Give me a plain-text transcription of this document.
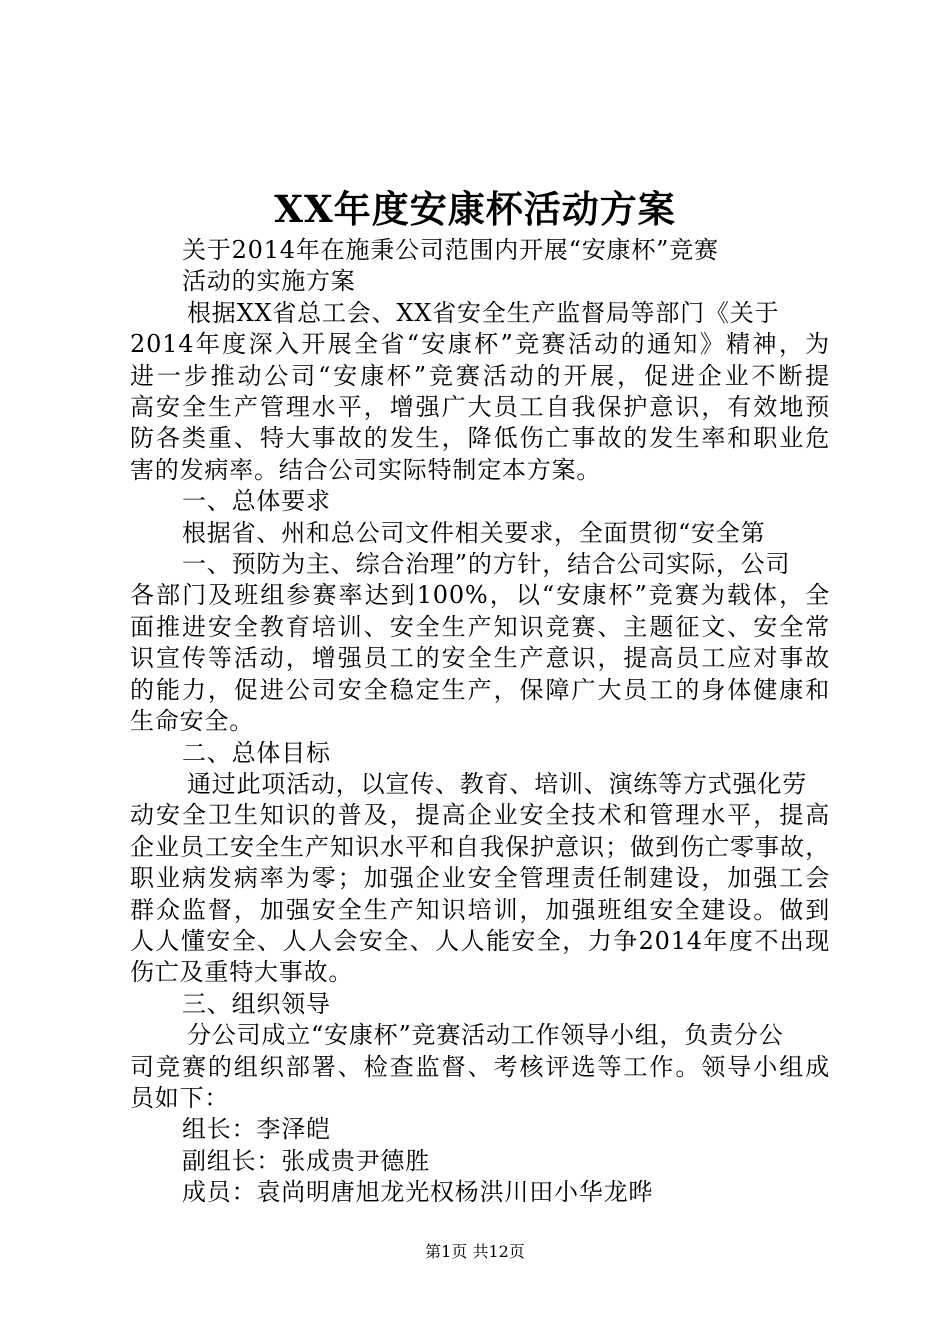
XX年度安康杯活动方案
关于2014年在施秉公司范围内开展“安康杯”竞赛
活动的实施方案
根据XX省总工会、XX省安全生产监督局等部门《关于
2014年度深入开展全省“安康杯”竞赛活动的通知》精神，为
进一步推动公司“安康杯”竞赛活动的开展，促进企业不断提
高安全生产管理水平，增强广大员工自我保护意识，有效地预
防各类重、特大事故的发生，降低伤亡事故的发生率和职业危
害的发病率。结合公司实际特制定本方案。
一、总体要求
根据省、州和总公司文件相关要求，全面贯彻“安全第
一、预防为主、综合治理”的方针，结合公司实际，公司
各部门及班组参赛率达到100%，以“安康杯”竞赛为载体，全
面推进安全教育培训、安全生产知识竞赛、主题征文、安全常
识宣传等活动，增强员工的安全生产意识，提高员工应对事故
的能力，促进公司安全稳定生产，保障广大员工的身体健康和
生命安全。
二、总体目标
通过此项活动，以宣传、教育、培训、演练等方式强化劳
动安全卫生知识的普及，提高企业安全技术和管理水平，提高
企业员工安全生产知识水平和自我保护意识；做到伤亡零事故，
职业病发病率为零；加强企业安全管理责任制建设，加强工会
群众监督，加强安全生产知识培训，加强班组安全建设。做到
人人懂安全、人人会安全、人人能安全，力争2014年度不出现
伤亡及重特大事故。
三、组织领导
分公司成立“安康杯”竞赛活动工作领导小组，负责分公
司竞赛的组织部署、检查监督、考核评选等工作。领导小组成
员如下：
组长：李泽皑
副组长：张成贵尹德胜
成员：袁尚明唐旭龙光权杨洪川田小华龙晔
第1页 共12页
